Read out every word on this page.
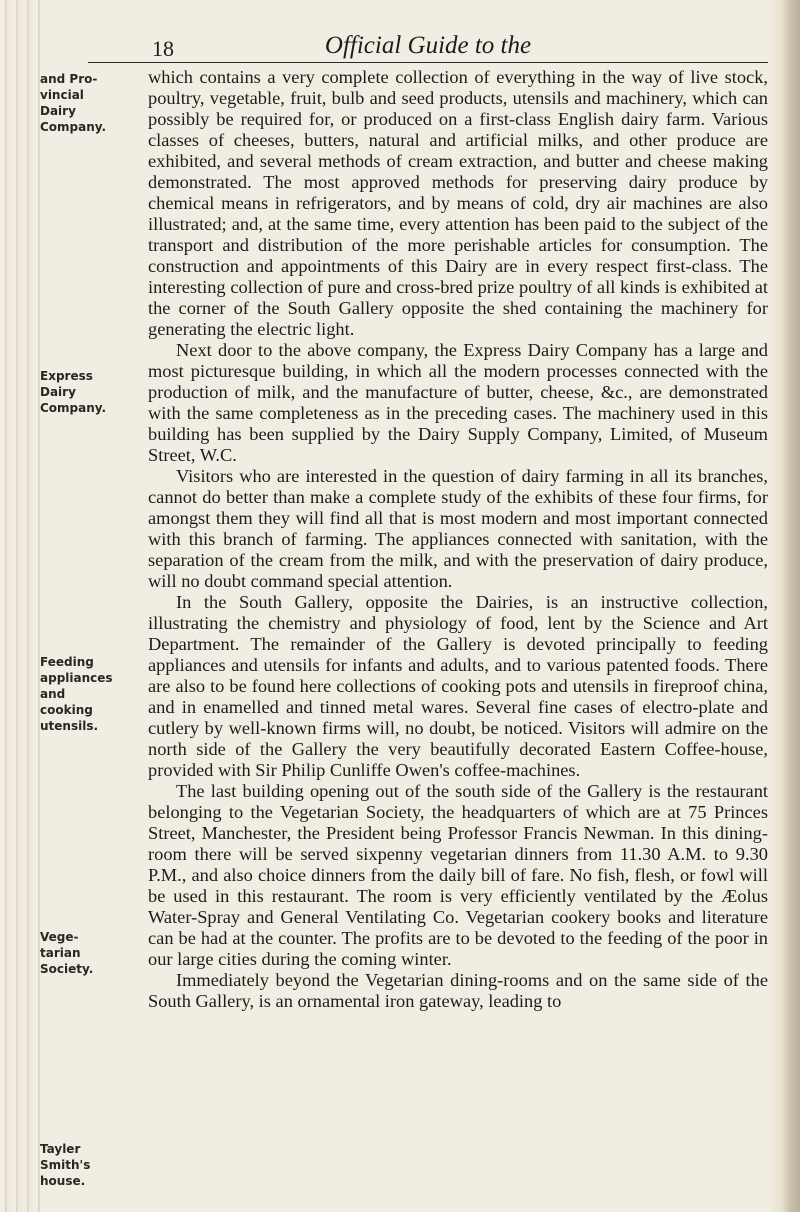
18	Official Guide to the
and Pro-
vincial
Dairy
Company.
Express
Dairy
Company.
Feeding
appliances
and
cooking
utensils.
Vege-
tarian
Society.
Tayler
Smith's
house.

which contains a very complete collection of everything in the way of live stock, poultry, vegetable, fruit, bulb and seed products, utensils and machinery, which can possibly be required for, or produced on a first-class English dairy farm. Various classes of cheeses, butters, natural and artificial milks, and other produce are exhibited, and several methods of cream extraction, and butter and cheese making demonstrated. The most approved methods for preserving dairy produce by chemical means in refrigerators, and by means of cold, dry air machines are also illustrated; and, at the same time, every attention has been paid to the subject of the transport and distribution of the more perishable articles for consumption. The construction and appointments of this Dairy are in every respect first-class. The interesting collection of pure and cross-bred prize poultry of all kinds is exhibited at the corner of the South Gallery opposite the shed containing the machinery for generating the electric light.

Next door to the above company, the Express Dairy Company has a large and most picturesque building, in which all the modern processes connected with the production of milk, and the manufacture of butter, cheese, &c., are demonstrated with the same completeness as in the preceding cases. The machinery used in this building has been supplied by the Dairy Supply Company, Limited, of Museum Street, W.C.

Visitors who are interested in the question of dairy farming in all its branches, cannot do better than make a complete study of the exhibits of these four firms, for amongst them they will find all that is most modern and most important connected with this branch of farming. The appliances connected with sanitation, with the separation of the cream from the milk, and with the preservation of dairy produce, will no doubt command special attention.

In the South Gallery, opposite the Dairies, is an instructive collection, illustrating the chemistry and physiology of food, lent by the Science and Art Department. The remainder of the Gallery is devoted principally to feeding appliances and utensils for infants and adults, and to various patented foods. There are also to be found here collections of cooking pots and utensils in fireproof china, and in enamelled and tinned metal wares. Several fine cases of electro-plate and cutlery by well-known firms will, no doubt, be noticed. Visitors will admire on the north side of the Gallery the very beautifully decorated Eastern Coffee-house, provided with Sir Philip Cunliffe Owen's coffee-machines.

The last building opening out of the south side of the Gallery is the restaurant belonging to the Vegetarian Society, the headquarters of which are at 75 Princes Street, Manchester, the President being Professor Francis Newman. In this dining-room there will be served sixpenny vegetarian dinners from 11.30 A.M. to 9.30 P.M., and also choice dinners from the daily bill of fare. No fish, flesh, or fowl will be used in this restaurant. The room is very efficiently ventilated by the Æolus Water-Spray and General Ventilating Co. Vegetarian cookery books and literature can be had at the counter. The profits are to be devoted to the feeding of the poor in our large cities during the coming winter.

Immediately beyond the Vegetarian dining-rooms and on the same side of the South Gallery, is an ornamental iron gateway, leading to
